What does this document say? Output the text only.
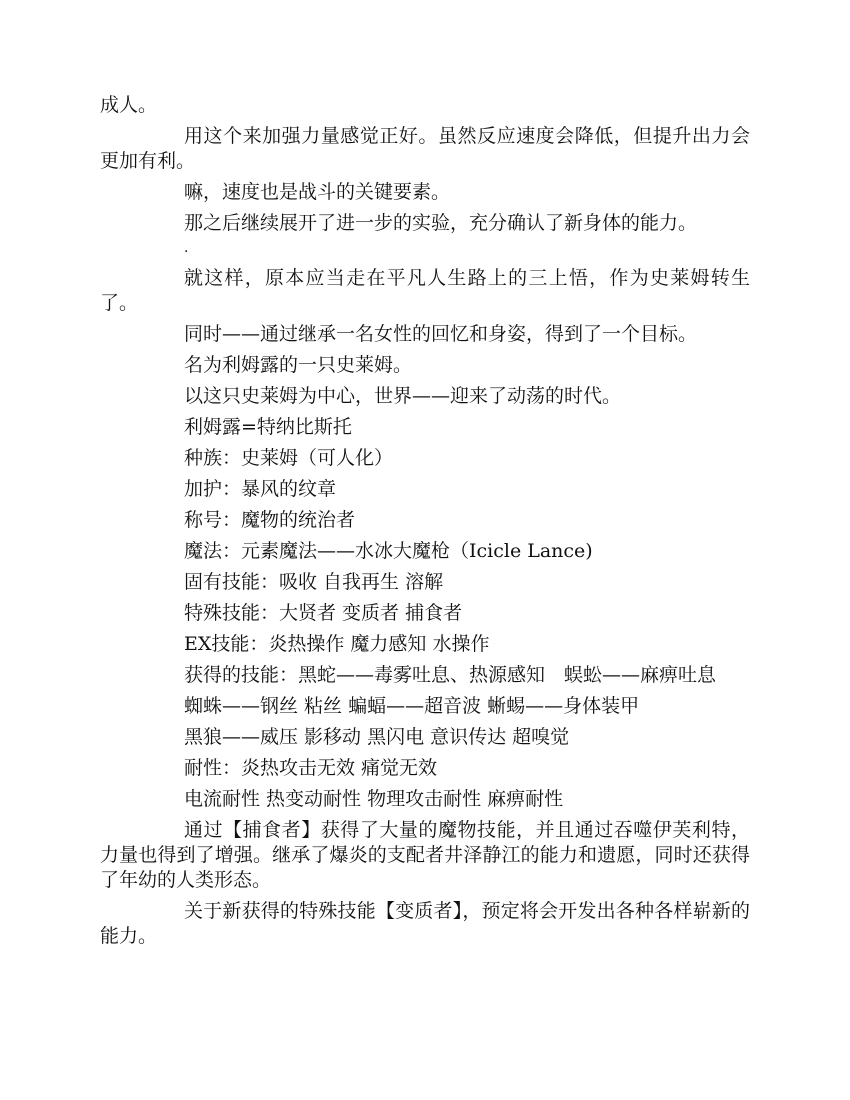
成人。

用这个来加强力量感觉正好。虽然反应速度会降低，但提升出力会更加有利。

嘛，速度也是战斗的关键要素。

那之后继续展开了进一步的实验，充分确认了新身体的能力。

·

就这样，原本应当走在平凡人生路上的三上悟，作为史莱姆转生了。

同时——通过继承一名女性的回忆和身姿，得到了一个目标。

名为利姆露的一只史莱姆。

以这只史莱姆为中心，世界——迎来了动荡的时代。

利姆露=特纳比斯托

种族：史莱姆（可人化）

加护：暴风的纹章

称号：魔物的统治者

魔法：元素魔法——水冰大魔枪（Icicle Lance)

固有技能：吸收 自我再生 溶解

特殊技能：大贤者 变质者 捕食者

EX技能：炎热操作 魔力感知 水操作

获得的技能：黑蛇——毒雾吐息、热源感知　蜈蚣——麻痹吐息

蜘蛛——钢丝 粘丝 蝙蝠——超音波 蜥蜴——身体装甲

黑狼——威压 影移动 黑闪电 意识传达 超嗅觉

耐性：炎热攻击无效 痛觉无效

电流耐性 热变动耐性 物理攻击耐性 麻痹耐性

通过【捕食者】获得了大量的魔物技能，并且通过吞噬伊芙利特，力量也得到了增强。继承了爆炎的支配者井泽静江的能力和遗愿，同时还获得了年幼的人类形态。

关于新获得的特殊技能【变质者】，预定将会开发出各种各样崭新的能力。
